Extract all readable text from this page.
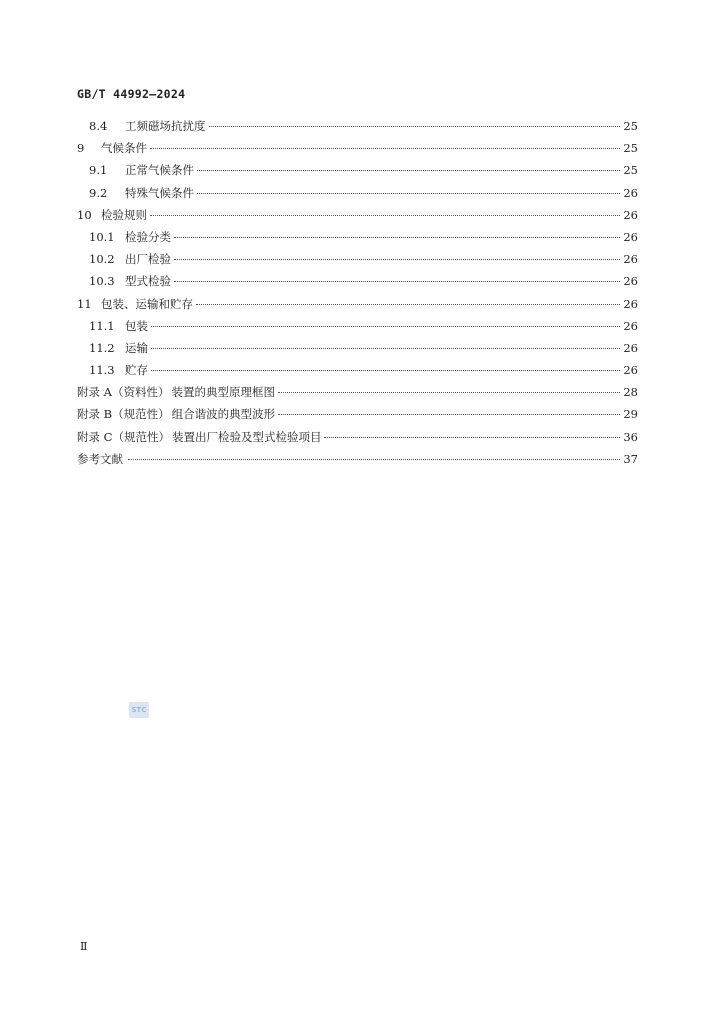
GB/T 44992—2024
8.4	工频磁场抗扰度	25
9	气候条件	25
9.1	正常气候条件	25
9.2	特殊气候条件	26
10 检验规则	26
10.1 检验分类	26
10.2 出厂检验	26
10.3 型式检验	26
11 包装、运输和贮存	26
11.1 包装	26
11.2 运输	26
11.3 贮存	26
附录 A（资料性） 装置的典型原理框图	28
附录 B（规范性） 组合谐波的典型波形	29
附录 C（规范性） 装置出厂检验及型式检验项目	36
参考文献	37
STC
Ⅱ
